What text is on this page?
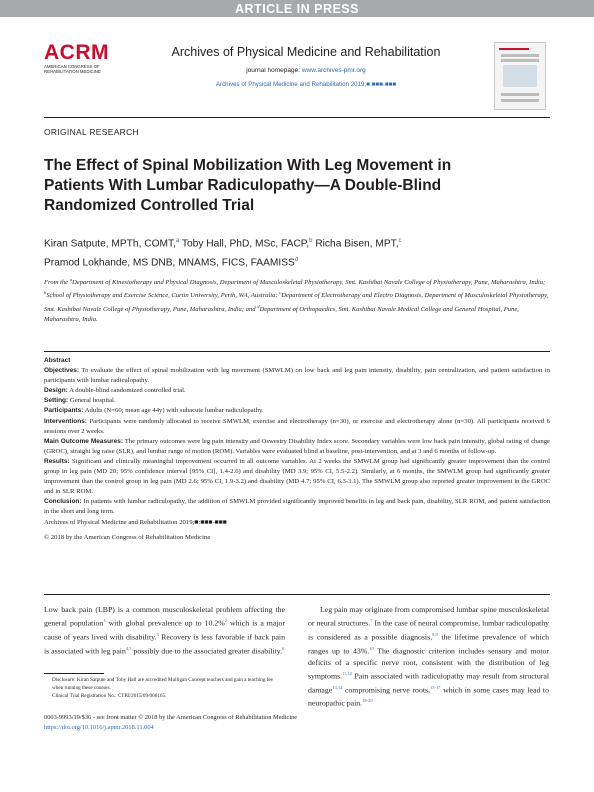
ARTICLE IN PRESS
ACRM
AMERICAN CONGRESS OF
REHABILITATION MEDICINE
Archives of Physical Medicine and Rehabilitation
journal homepage: www.archives-pmr.org
Archives of Physical Medicine and Rehabilitation 2019;■:■■■-■■■
ORIGINAL RESEARCH
The Effect of Spinal Mobilization With Leg Movement in Patients With Lumbar Radiculopathy—A Double-Blind Randomized Controlled Trial
Kiran Satpute, MPTh, COMT,$^a$ Toby Hall, PhD, MSc, FACP,$^b$ Richa Bisen, MPT,$^c$
Pramod Lokhande, MS DNB, MNAMS, FICS, FAAMISS$^d$
From the $^a$Department of Kinesiotherapy and Physical Diagnosis, Department of Musculoskeletal Physiotherapy, Smt. Kashibai Navale College of Physiotherapy, Pune, Maharashtra, India; $^b$School of Physiotherapy and Exercise Science, Curtin University, Perth, WA, Australia; $^c$Department of Electrotherapy and Electro Diagnosis, Department of Musculoskeletal Physiotherapy, Smt. Kashibai Navale College of Physiotherapy, Pune, Maharashtra, India; and $^d$Department of Orthopaedics, Smt. Kashibai Navale Medical College and General Hospital, Pune, Maharashtra, India.

Abstract

Objectives: To evaluate the effect of spinal mobilization with leg movement (SMWLM) on low back and leg pain intensity, disability, pain centralization, and patient satisfaction in participants with lumbar radiculopathy.

Design: A double-blind randomized controlled trial.

Setting: General hospital.

Participants: Adults (N=60; mean age 44y) with subacute lumbar radiculopathy.

Interventions: Participants were randomly allocated to receive SMWLM, exercise and electrotherapy (n=30), or exercise and electrotherapy alone (n=30). All participants received 6 sessions over 2 weeks.

Main Outcome Measures: The primary outcomes were leg pain intensity and Oswestry Disability Index score. Secondary variables were low back pain intensity, global rating of change (GROC), straight leg raise (SLR), and lumbar range of motion (ROM). Variables were evaluated blind at baseline, post-intervention, and at 3 and 6 months of follow-up.

Results: Significant and clinically meaningful improvement occurred in all outcome variables. At 2 weeks the SMWLM group had significantly greater improvement than the control group in leg pain (MD 20; 95% confidence interval [95% CI], 1.4-2.6) and disability (MD 3.9; 95% CI, 5.5-2.2). Similarly, at 6 months, the SMWLM group had significantly greater improvement than the control group in leg pain (MD 2.6; 95% CI, 1.9-3.2) and disability (MD 4.7; 95% CI, 6.3-3.1). The SMWLM group also reported greater improvement in the GROC and in SLR ROM.

Conclusion: In patients with lumbar radiculopathy, the addition of SMWLM provided significantly improved benefits in leg and back pain, disability, SLR ROM, and patient satisfaction in the short and long term.

Archives of Physical Medicine and Rehabilitation 2019;■:■■■-■■■

© 2018 by the American Congress of Rehabilitation Medicine

Low back pain (LBP) is a common musculoskeletal problem affecting the general population$^1$ with global prevalence up to 10.2%$^2$ which is a major cause of years lived with disability.$^3$ Recovery is less favorable if back pain is associated with leg pain$^{4,5}$ possibly due to the associated greater disability.$^6$

Disclosure: Kiran Satpute and Toby Hall are accredited Mulligan Concept teachers and gain a teaching fee when running these courses.

Clinical Trial Registration No.: CTRI/2015/09/006165.

Leg pain may originate from compromised lumbar spine musculoskeletal or neural structures.$^7$ In the case of neural compromise, lumbar radiculopathy is considered as a possible diagnosis,$^{8,9}$ the lifetime prevalence of which ranges up to 43%.$^{10}$ The diagnostic criterion includes sensory and motor deficits of a specific nerve root, consistent with the distribution of leg symptoms.$^{11,12}$ Pain associated with radiculopathy may result from structural damage$^{13,14}$ compromising nerve roots,$^{15-17}$ which in some cases may lead to neuropathic pain.$^{18-20}$

0003-9993/19/$36 - see front matter © 2018 by the American Congress of Rehabilitation Medicine
https://doi.org/10.1016/j.apmr.2018.11.004
